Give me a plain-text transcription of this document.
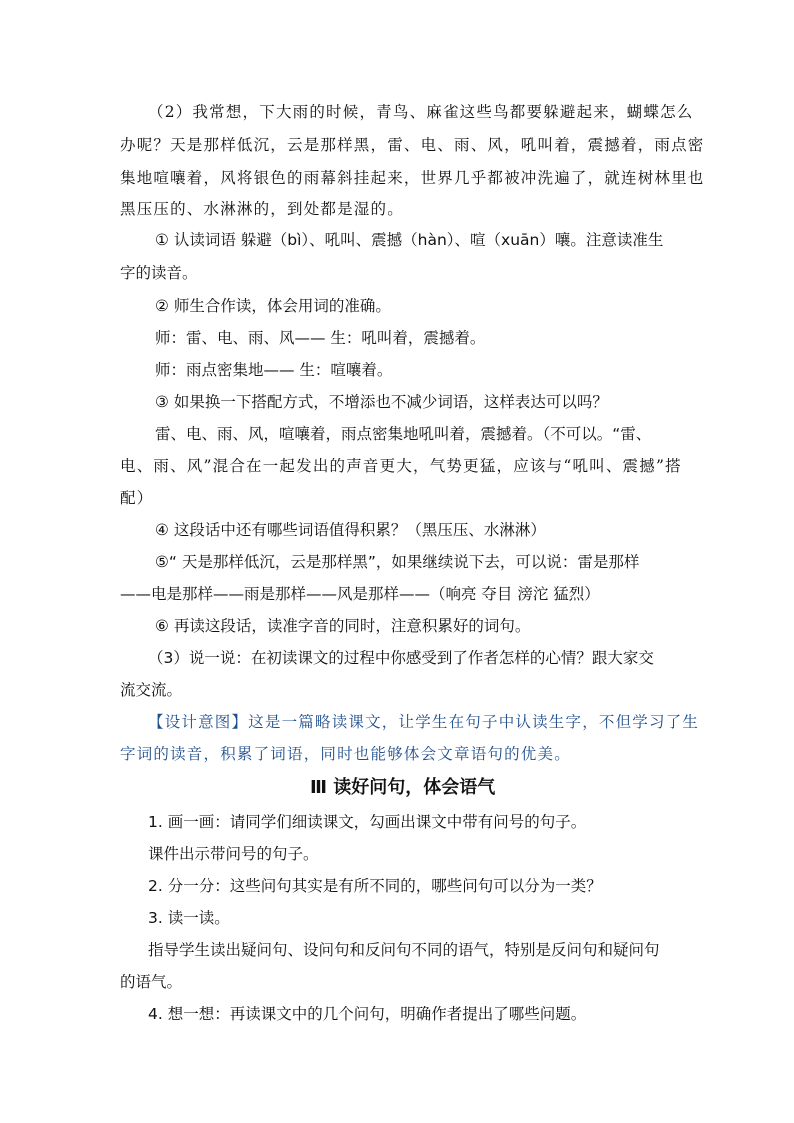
（2）我常想，下大雨的时候，青鸟、麻雀这些鸟都要躲避起来，蝴蝶怎么
办呢？天是那样低沉，云是那样黑，雷、电、雨、风，吼叫着，震撼着，雨点密
集地喧嚷着，风将银色的雨幕斜挂起来，世界几乎都被冲洗遍了，就连树林里也
黑压压的、水淋淋的，到处都是湿的。
① 认读词语 躲避（bì）、吼叫、震撼（hàn）、喧（xuān）嚷。注意读准生
字的读音。
② 师生合作读，体会用词的准确。
师：雷、电、雨、风—— 生：吼叫着，震撼着。
师：雨点密集地—— 生：喧嚷着。
③ 如果换一下搭配方式，不增添也不减少词语，这样表达可以吗？
雷、电、雨、风，喧嚷着，雨点密集地吼叫着，震撼着。（不可以。“雷、
电、雨、风”混合在一起发出的声音更大，气势更猛，应该与“吼叫、震撼”搭
配）
④ 这段话中还有哪些词语值得积累？（黑压压、水淋淋）
⑤“ 天是那样低沉，云是那样黑”，如果继续说下去，可以说：雷是那样
——电是那样——雨是那样——风是那样——（响亮 夺目 滂沱 猛烈）
⑥ 再读这段话，读准字音的同时，注意积累好的词句。
（3）说一说：在初读课文的过程中你感受到了作者怎样的心情？跟大家交
流交流。
【设计意图】这是一篇略读课文，让学生在句子中认读生字，不但学习了生
字词的读音，积累了词语，同时也能够体会文章语句的优美。
Ⅲ 读好问句，体会语气
1. 画一画：请同学们细读课文，勾画出课文中带有问号的句子。
课件出示带问号的句子。
2. 分一分：这些问句其实是有所不同的，哪些问句可以分为一类？
3. 读一读。
指导学生读出疑问句、设问句和反问句不同的语气，特别是反问句和疑问句
的语气。
4. 想一想：再读课文中的几个问句，明确作者提出了哪些问题。
